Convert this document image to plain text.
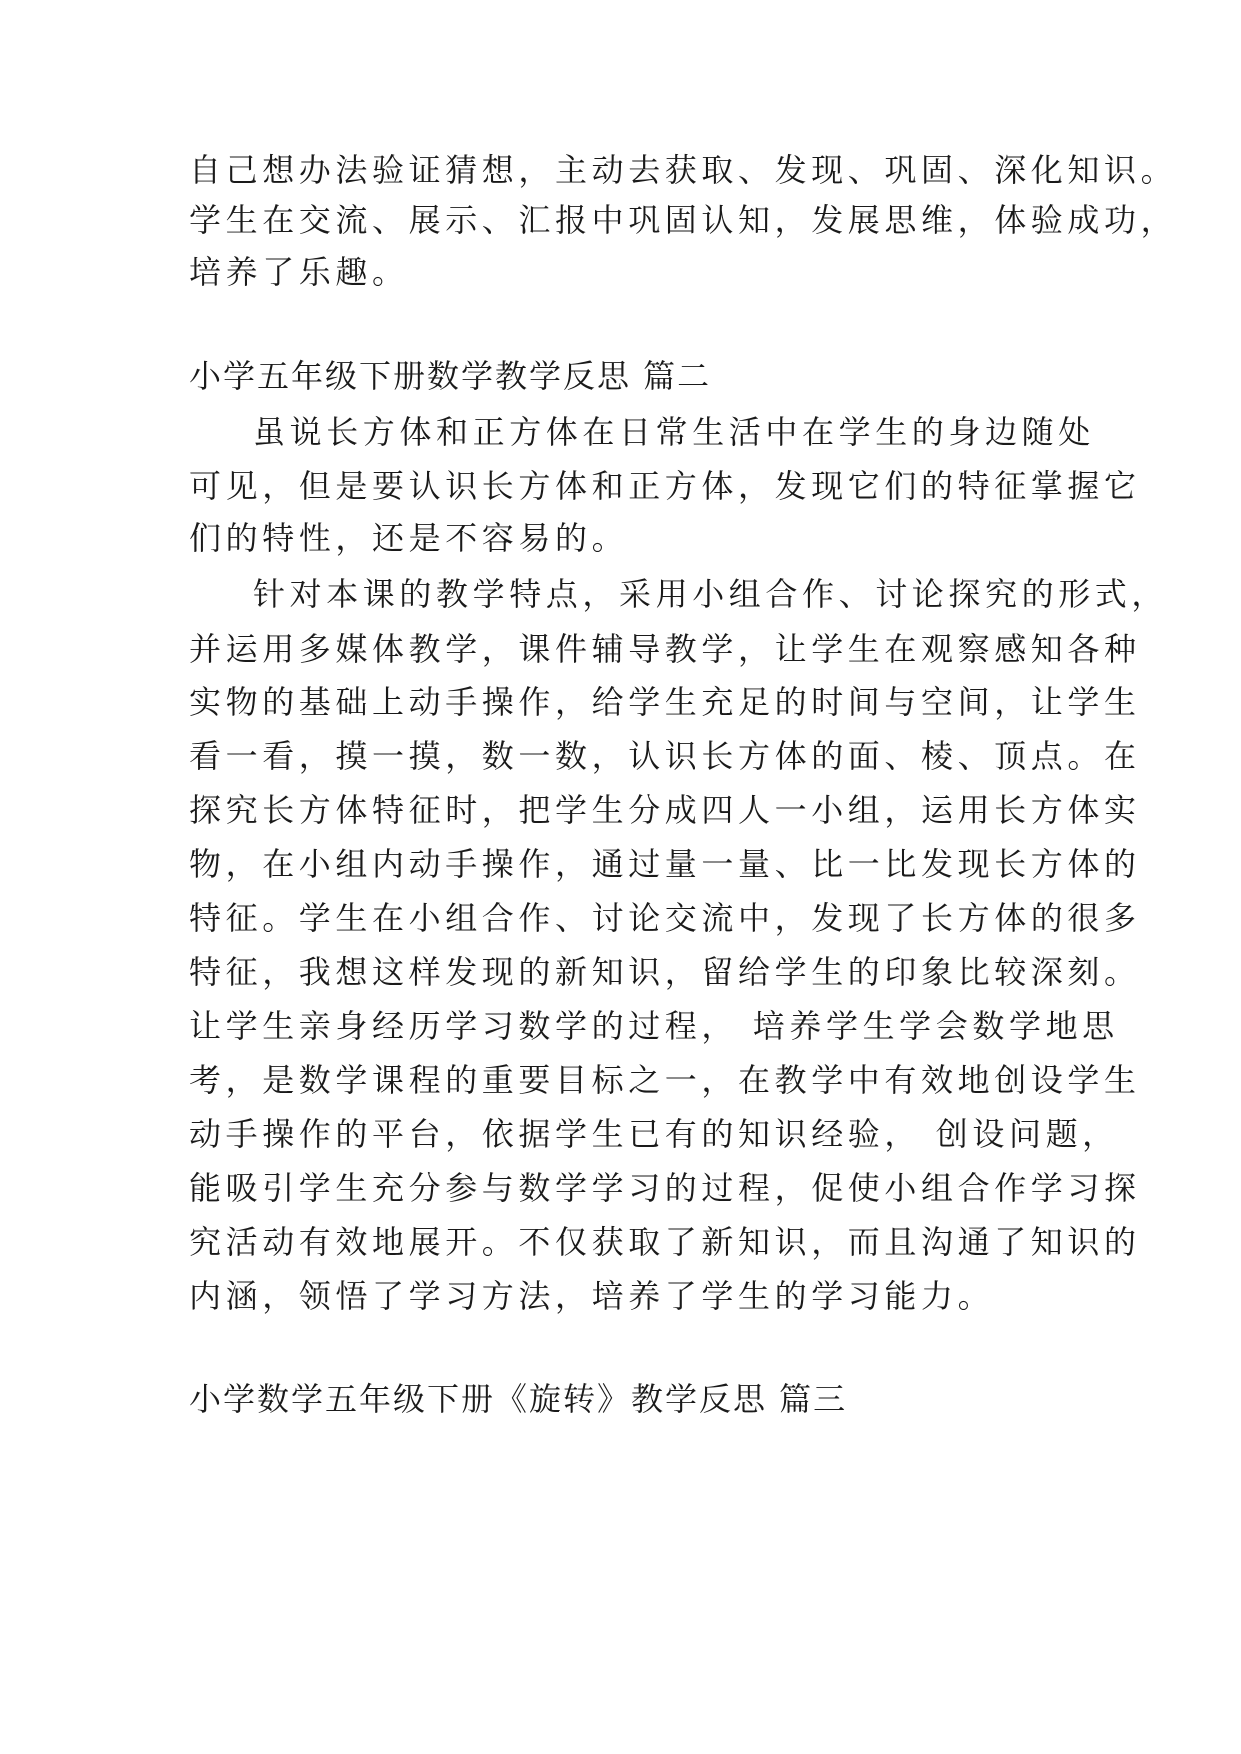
自己想办法验证猜想，主动去获取、发现、巩固、深化知识。
学生在交流、展示、汇报中巩固认知，发展思维，体验成功，
培养了乐趣。
小学五年级下册数学教学反思 篇二
虽说长方体和正方体在日常生活中在学生的身边随处
可见，但是要认识长方体和正方体，发现它们的特征掌握它
们的特性，还是不容易的。
针对本课的教学特点，采用小组合作、讨论探究的形式，
并运用多媒体教学，课件辅导教学，让学生在观察感知各种
实物的基础上动手操作，给学生充足的时间与空间，让学生
看一看，摸一摸，数一数，认识长方体的面、棱、顶点。在
探究长方体特征时，把学生分成四人一小组，运用长方体实
物，在小组内动手操作，通过量一量、比一比发现长方体的
特征。学生在小组合作、讨论交流中，发现了长方体的很多
特征，我想这样发现的新知识，留给学生的印象比较深刻。
让学生亲身经历学习数学的过程， 培养学生学会数学地思
考，是数学课程的重要目标之一，在教学中有效地创设学生
动手操作的平台，依据学生已有的知识经验， 创设问题，
能吸引学生充分参与数学学习的过程，促使小组合作学习探
究活动有效地展开。不仅获取了新知识，而且沟通了知识的
内涵，领悟了学习方法，培养了学生的学习能力。
小学数学五年级下册《旋转》教学反思 篇三
